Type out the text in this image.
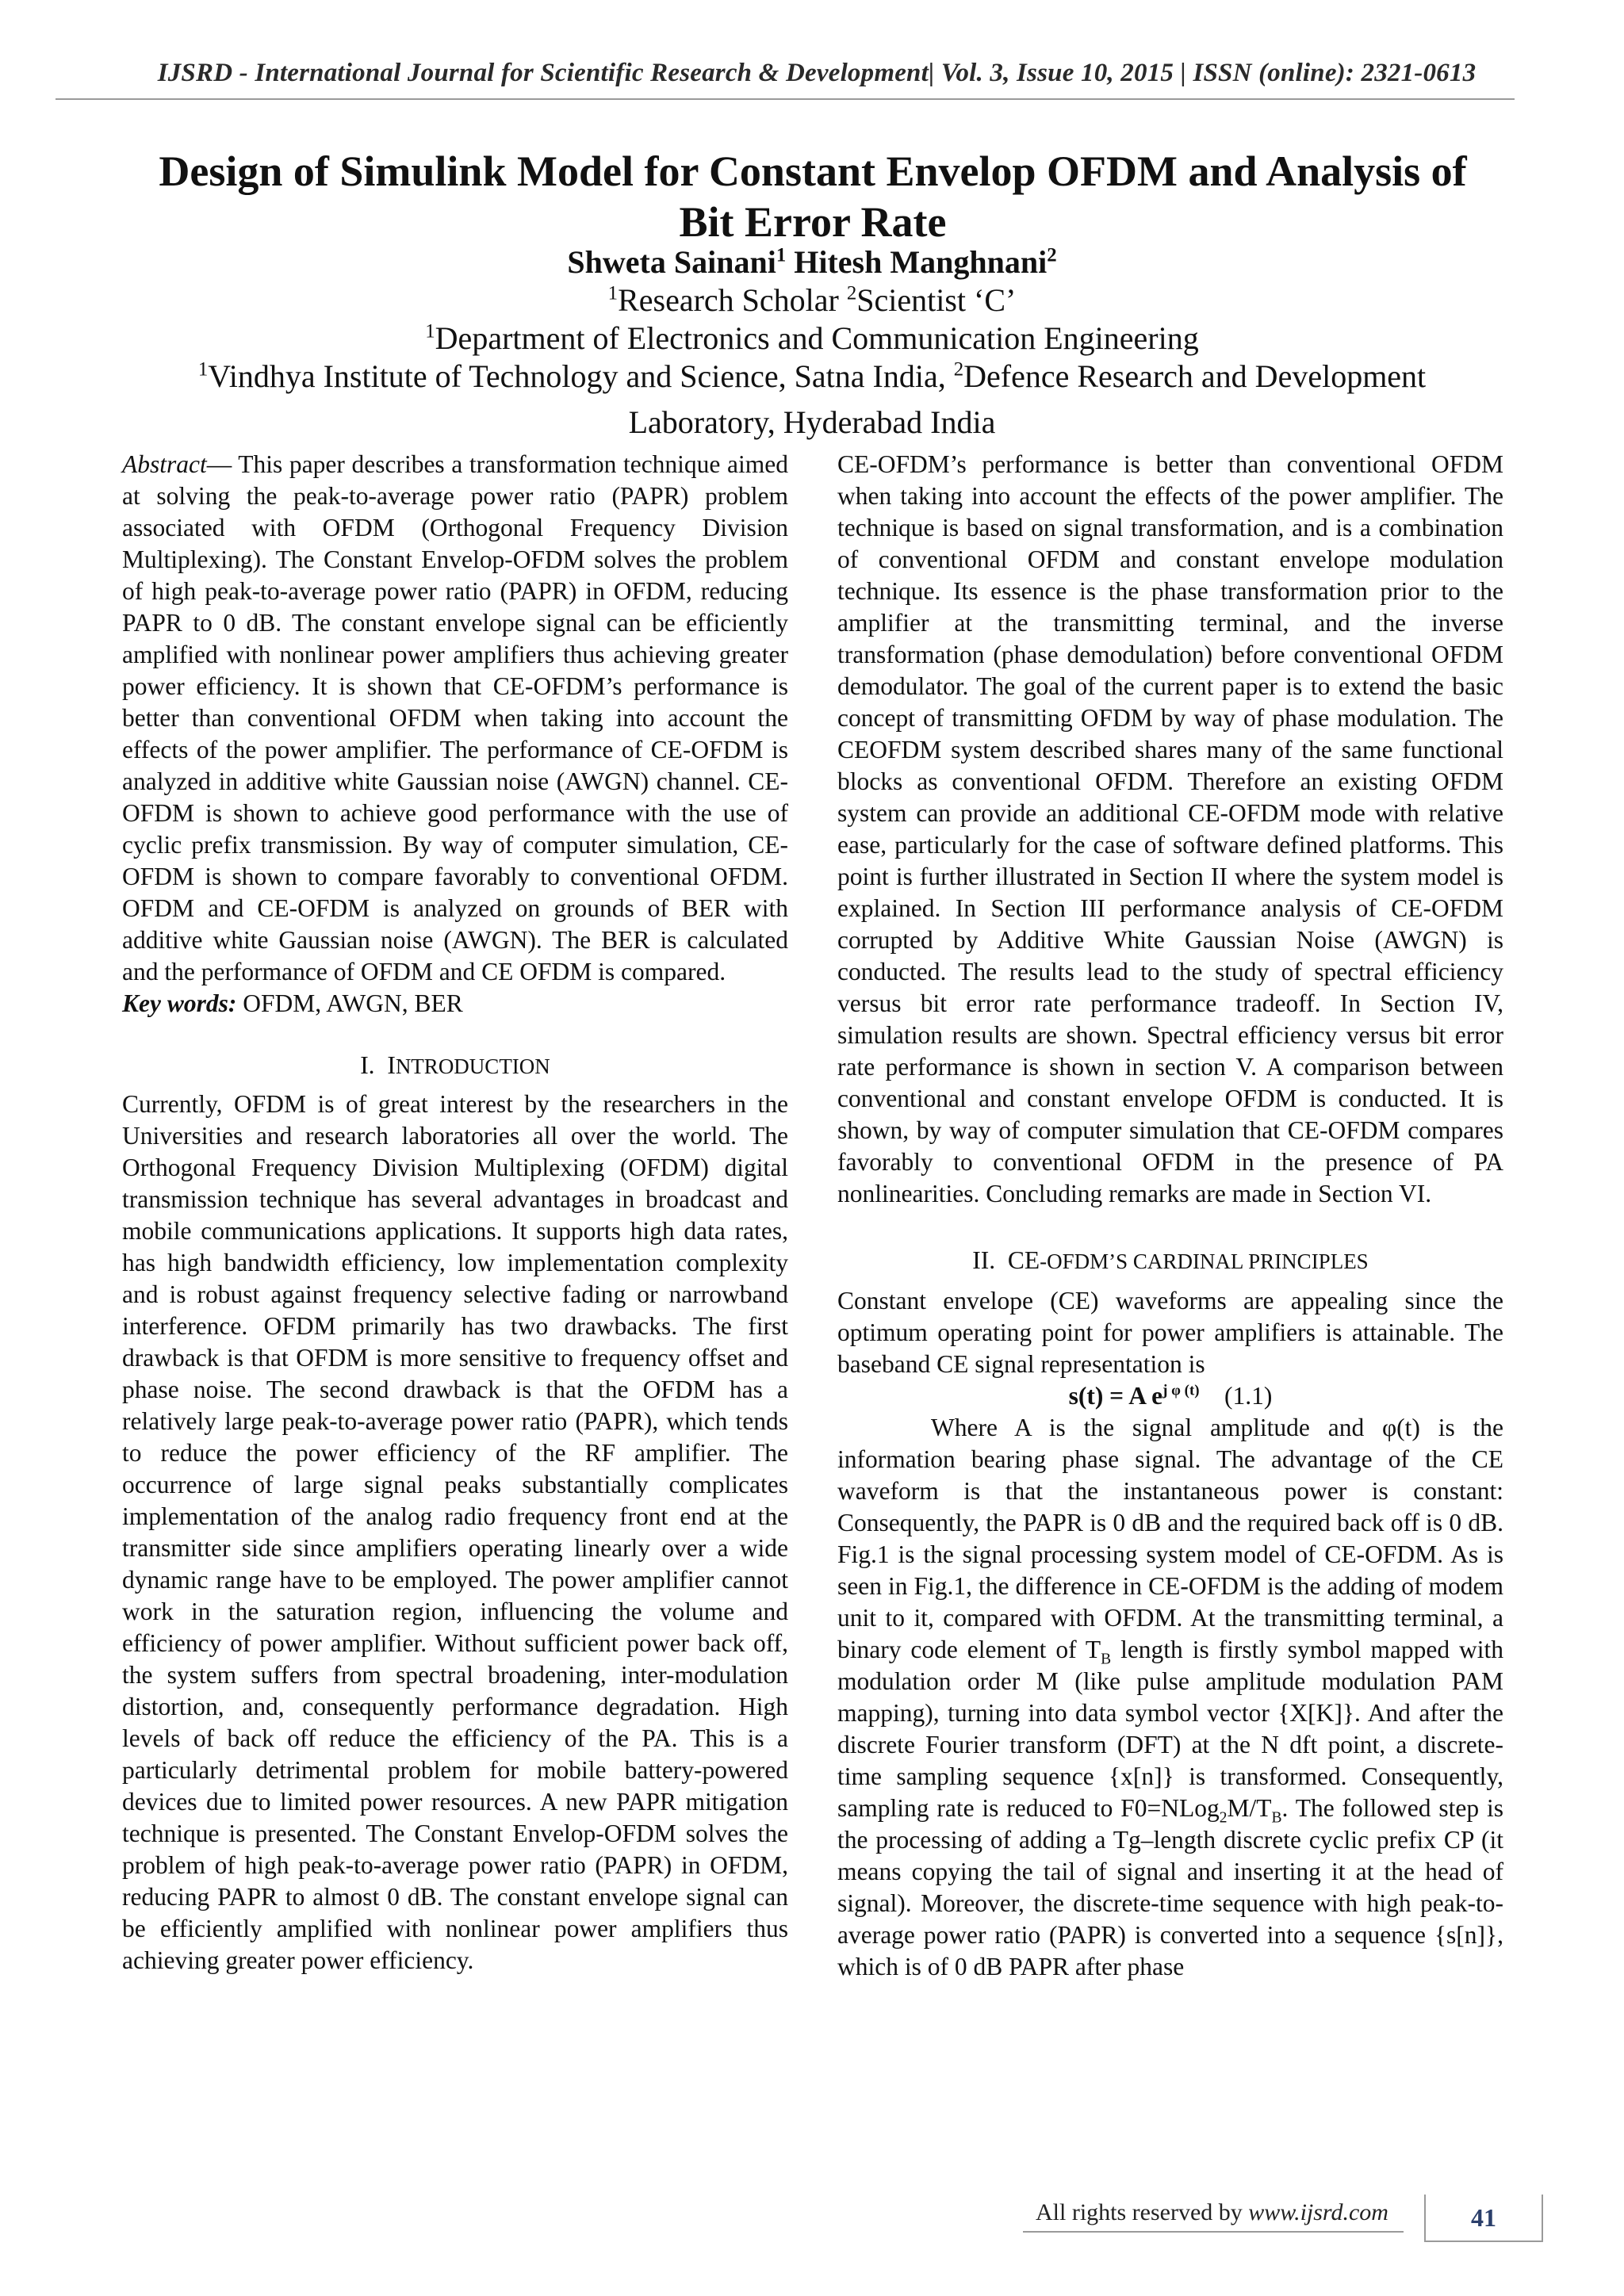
IJSRD - International Journal for Scientific Research & Development| Vol. 3, Issue 10, 2015 | ISSN (online): 2321-0613
Design of Simulink Model for Constant Envelop OFDM and Analysis of
Bit Error Rate
Shweta Sainani$^1$ Hitesh Manghnani$^2$
$^1$Research Scholar $^2$Scientist ‘C’
$^1$Department of Electronics and Communication Engineering
$^1$Vindhya Institute of Technology and Science, Satna India, $^2$Defence Research and Development
Laboratory, Hyderabad India

Abstract— This paper describes a transformation technique aimed at solving the peak-to-average power ratio (PAPR) problem associated with OFDM (Orthogonal Frequency Division Multiplexing). The Constant Envelop-OFDM solves the problem of high peak-to-average power ratio (PAPR) in OFDM, reducing PAPR to 0 dB. The constant envelope signal can be efficiently amplified with nonlinear power amplifiers thus achieving greater power efficiency. It is shown that CE-OFDM’s performance is better than conventional OFDM when taking into account the effects of the power amplifier. The performance of CE-OFDM is analyzed in additive white Gaussian noise (AWGN) channel. CE-OFDM is shown to achieve good performance with the use of cyclic prefix transmission. By way of computer simulation, CE-OFDM is shown to compare favorably to conventional OFDM. OFDM and CE-OFDM is analyzed on grounds of BER with additive white Gaussian noise (AWGN). The BER is calculated and the performance of OFDM and CE OFDM is compared.

Key words: OFDM, AWGN, BER

I. INTRODUCTION

Currently, OFDM is of great interest by the researchers in the Universities and research laboratories all over the world. The Orthogonal Frequency Division Multiplexing (OFDM) digital transmission technique has several advantages in broadcast and mobile communications applications. It supports high data rates, has high bandwidth efficiency, low implementation complexity and is robust against frequency selective fading or narrowband interference. OFDM primarily has two drawbacks. The first drawback is that OFDM is more sensitive to frequency offset and phase noise. The second drawback is that the OFDM has a relatively large peak-to-average power ratio (PAPR), which tends to reduce the power efficiency of the RF amplifier. The occurrence of large signal peaks substantially complicates implementation of the analog radio frequency front end at the transmitter side since amplifiers operating linearly over a wide dynamic range have to be employed. The power amplifier cannot work in the saturation region, influencing the volume and efficiency of power amplifier. Without sufficient power back off, the system suffers from spectral broadening, inter-modulation distortion, and, consequently performance degradation. High levels of back off reduce the efficiency of the PA. This is a particularly detrimental problem for mobile battery-powered devices due to limited power resources. A new PAPR mitigation technique is presented. The Constant Envelop-OFDM solves the problem of high peak-to-average power ratio (PAPR) in OFDM, reducing PAPR to almost 0 dB. The constant envelope signal can be efficiently amplified with nonlinear power amplifiers thus achieving greater power efficiency.

CE-OFDM’s performance is better than conventional OFDM when taking into account the effects of the power amplifier. The technique is based on signal transformation, and is a combination of conventional OFDM and constant envelope modulation technique. Its essence is the phase transformation prior to the amplifier at the transmitting terminal, and the inverse transformation (phase demodulation) before conventional OFDM demodulator. The goal of the current paper is to extend the basic concept of transmitting OFDM by way of phase modulation. The CEOFDM system described shares many of the same functional blocks as conventional OFDM. Therefore an existing OFDM system can provide an additional CE-OFDM mode with relative ease, particularly for the case of software defined platforms. This point is further illustrated in Section II where the system model is explained. In Section III performance analysis of CE-OFDM corrupted by Additive White Gaussian Noise (AWGN) is conducted. The results lead to the study of spectral efficiency versus bit error rate performance tradeoff. In Section IV, simulation results are shown. Spectral efficiency versus bit error rate performance is shown in section V. A comparison between conventional and constant envelope OFDM is conducted. It is shown, by way of computer simulation that CE-OFDM compares favorably to conventional OFDM in the presence of PA nonlinearities. Concluding remarks are made in Section VI.

II. CE-OFDM’S CARDINAL PRINCIPLES

Constant envelope (CE) waveforms are appealing since the optimum operating point for power amplifiers is attainable. The baseband CE signal representation is

s(t) = A $e^{j \varphi (t)}$ (1.1)

Where A is the signal amplitude and φ(t) is the information bearing phase signal. The advantage of the CE waveform is that the instantaneous power is constant: Consequently, the PAPR is 0 dB and the required back off is 0 dB. Fig.1 is the signal processing system model of CE-OFDM. As is seen in Fig.1, the difference in CE-OFDM is the adding of modem unit to it, compared with OFDM. At the transmitting terminal, a binary code element of $T_B$ length is firstly symbol mapped with modulation order M (like pulse amplitude modulation PAM mapping), turning into data symbol vector {X[K]}. And after the discrete Fourier transform (DFT) at the N dft point, a discrete-time sampling sequence {x[n]} is transformed. Consequently, sampling rate is reduced to $F0=NLog_2M/T_B$. The followed step is the processing of adding a Tg–length discrete cyclic prefix CP (it means copying the tail of signal and inserting it at the head of signal). Moreover, the discrete-time sequence with high peak-to-average power ratio (PAPR) is converted into a sequence {s[n]}, which is of 0 dB PAPR after phase

All rights reserved by www.ijsrd.com	41
